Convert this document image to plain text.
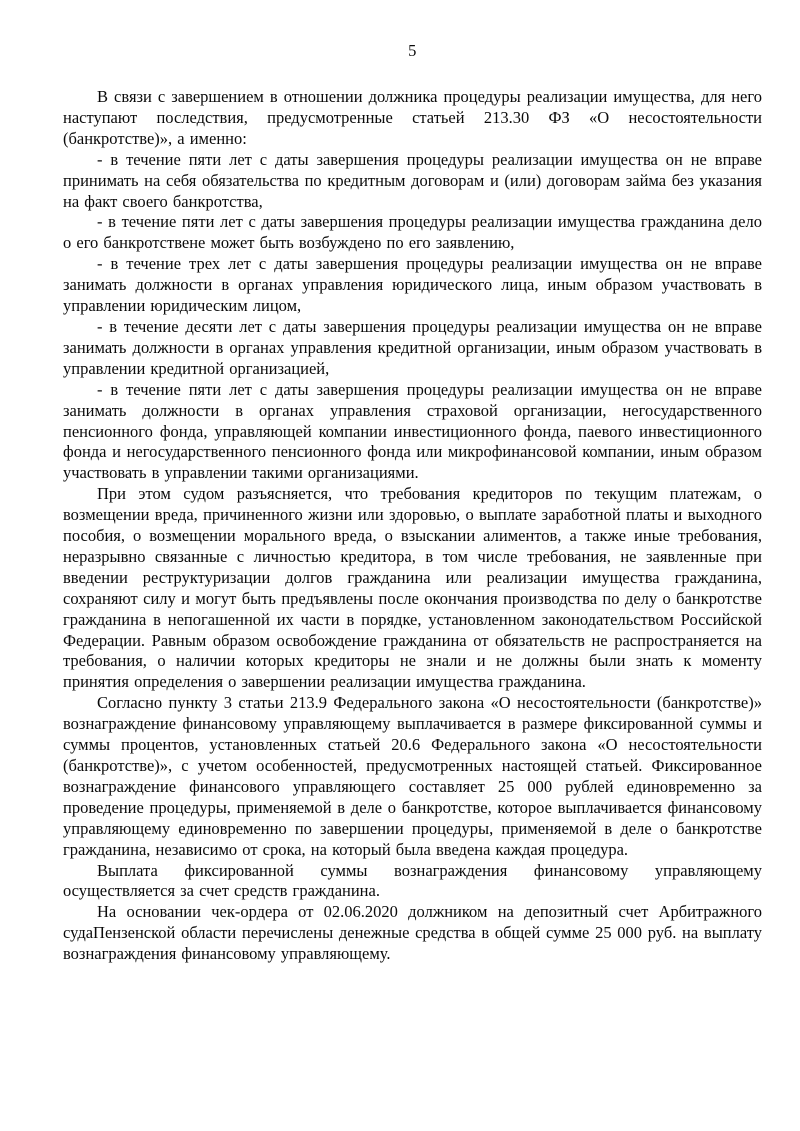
5

В связи с завершением в отношении должника процедуры реализации имущества, для него наступают последствия, предусмотренные статьей 213.30 ФЗ «О несостоятельности (банкротстве)», а именно:

- в течение пяти лет с даты завершения процедуры реализации имущества он не вправе принимать на себя обязательства по кредитным договорам и (или) договорам займа без указания на факт своего банкротства,

- в течение пяти лет с даты завершения процедуры реализации имущества гражданина дело о его банкротствене может быть возбуждено по его заявлению,

- в течение трех лет с даты завершения процедуры реализации имущества он не вправе занимать должности в органах управления юридического лица, иным образом участвовать в управлении юридическим лицом,

- в течение десяти лет с даты завершения процедуры реализации имущества он не вправе занимать должности в органах управления кредитной организации, иным образом участвовать в управлении кредитной организацией,

- в течение пяти лет с даты завершения процедуры реализации имущества он не вправе занимать должности в органах управления страховой организации, негосударственного пенсионного фонда, управляющей компании инвестиционного фонда, паевого инвестиционного фонда и негосударственного пенсионного фонда или микрофинансовой компании, иным образом участвовать в управлении такими организациями.

При этом судом разъясняется, что требования кредиторов по текущим платежам, о возмещении вреда, причиненного жизни или здоровью, о выплате заработной платы и выходного пособия, о возмещении морального вреда, о взыскании алиментов, а также иные требования, неразрывно связанные с личностью кредитора, в том числе требования, не заявленные при введении реструктуризации долгов гражданина или реализации имущества гражданина, сохраняют силу и могут быть предъявлены после окончания производства по делу о банкротстве гражданина в непогашенной их части в порядке, установленном законодательством Российской Федерации. Равным образом освобождение гражданина от обязательств не распространяется на требования, о наличии которых кредиторы не знали и не должны были знать к моменту принятия определения о завершении реализации имущества гражданина.

Согласно пункту 3 статьи 213.9 Федерального закона «О несостоятельности (банкротстве)» вознаграждение финансовому управляющему выплачивается в размере фиксированной суммы и суммы процентов, установленных статьей 20.6 Федерального закона «О несостоятельности (банкротстве)», с учетом особенностей, предусмотренных настоящей статьей. Фиксированное вознаграждение финансового управляющего составляет 25 000 рублей единовременно за проведение процедуры, применяемой в деле о банкротстве, которое выплачивается финансовому управляющему единовременно по завершении процедуры, применяемой в деле о банкротстве гражданина, независимо от срока, на который была введена каждая процедура.

Выплата фиксированной суммы вознаграждения финансовому управляющему осуществляется за счет средств гражданина.

На основании чек-ордера от 02.06.2020 должником на депозитный счет Арбитражного судаПензенской области перечислены денежные средства в общей сумме 25 000 руб. на выплату вознаграждения финансовому управляющему.
